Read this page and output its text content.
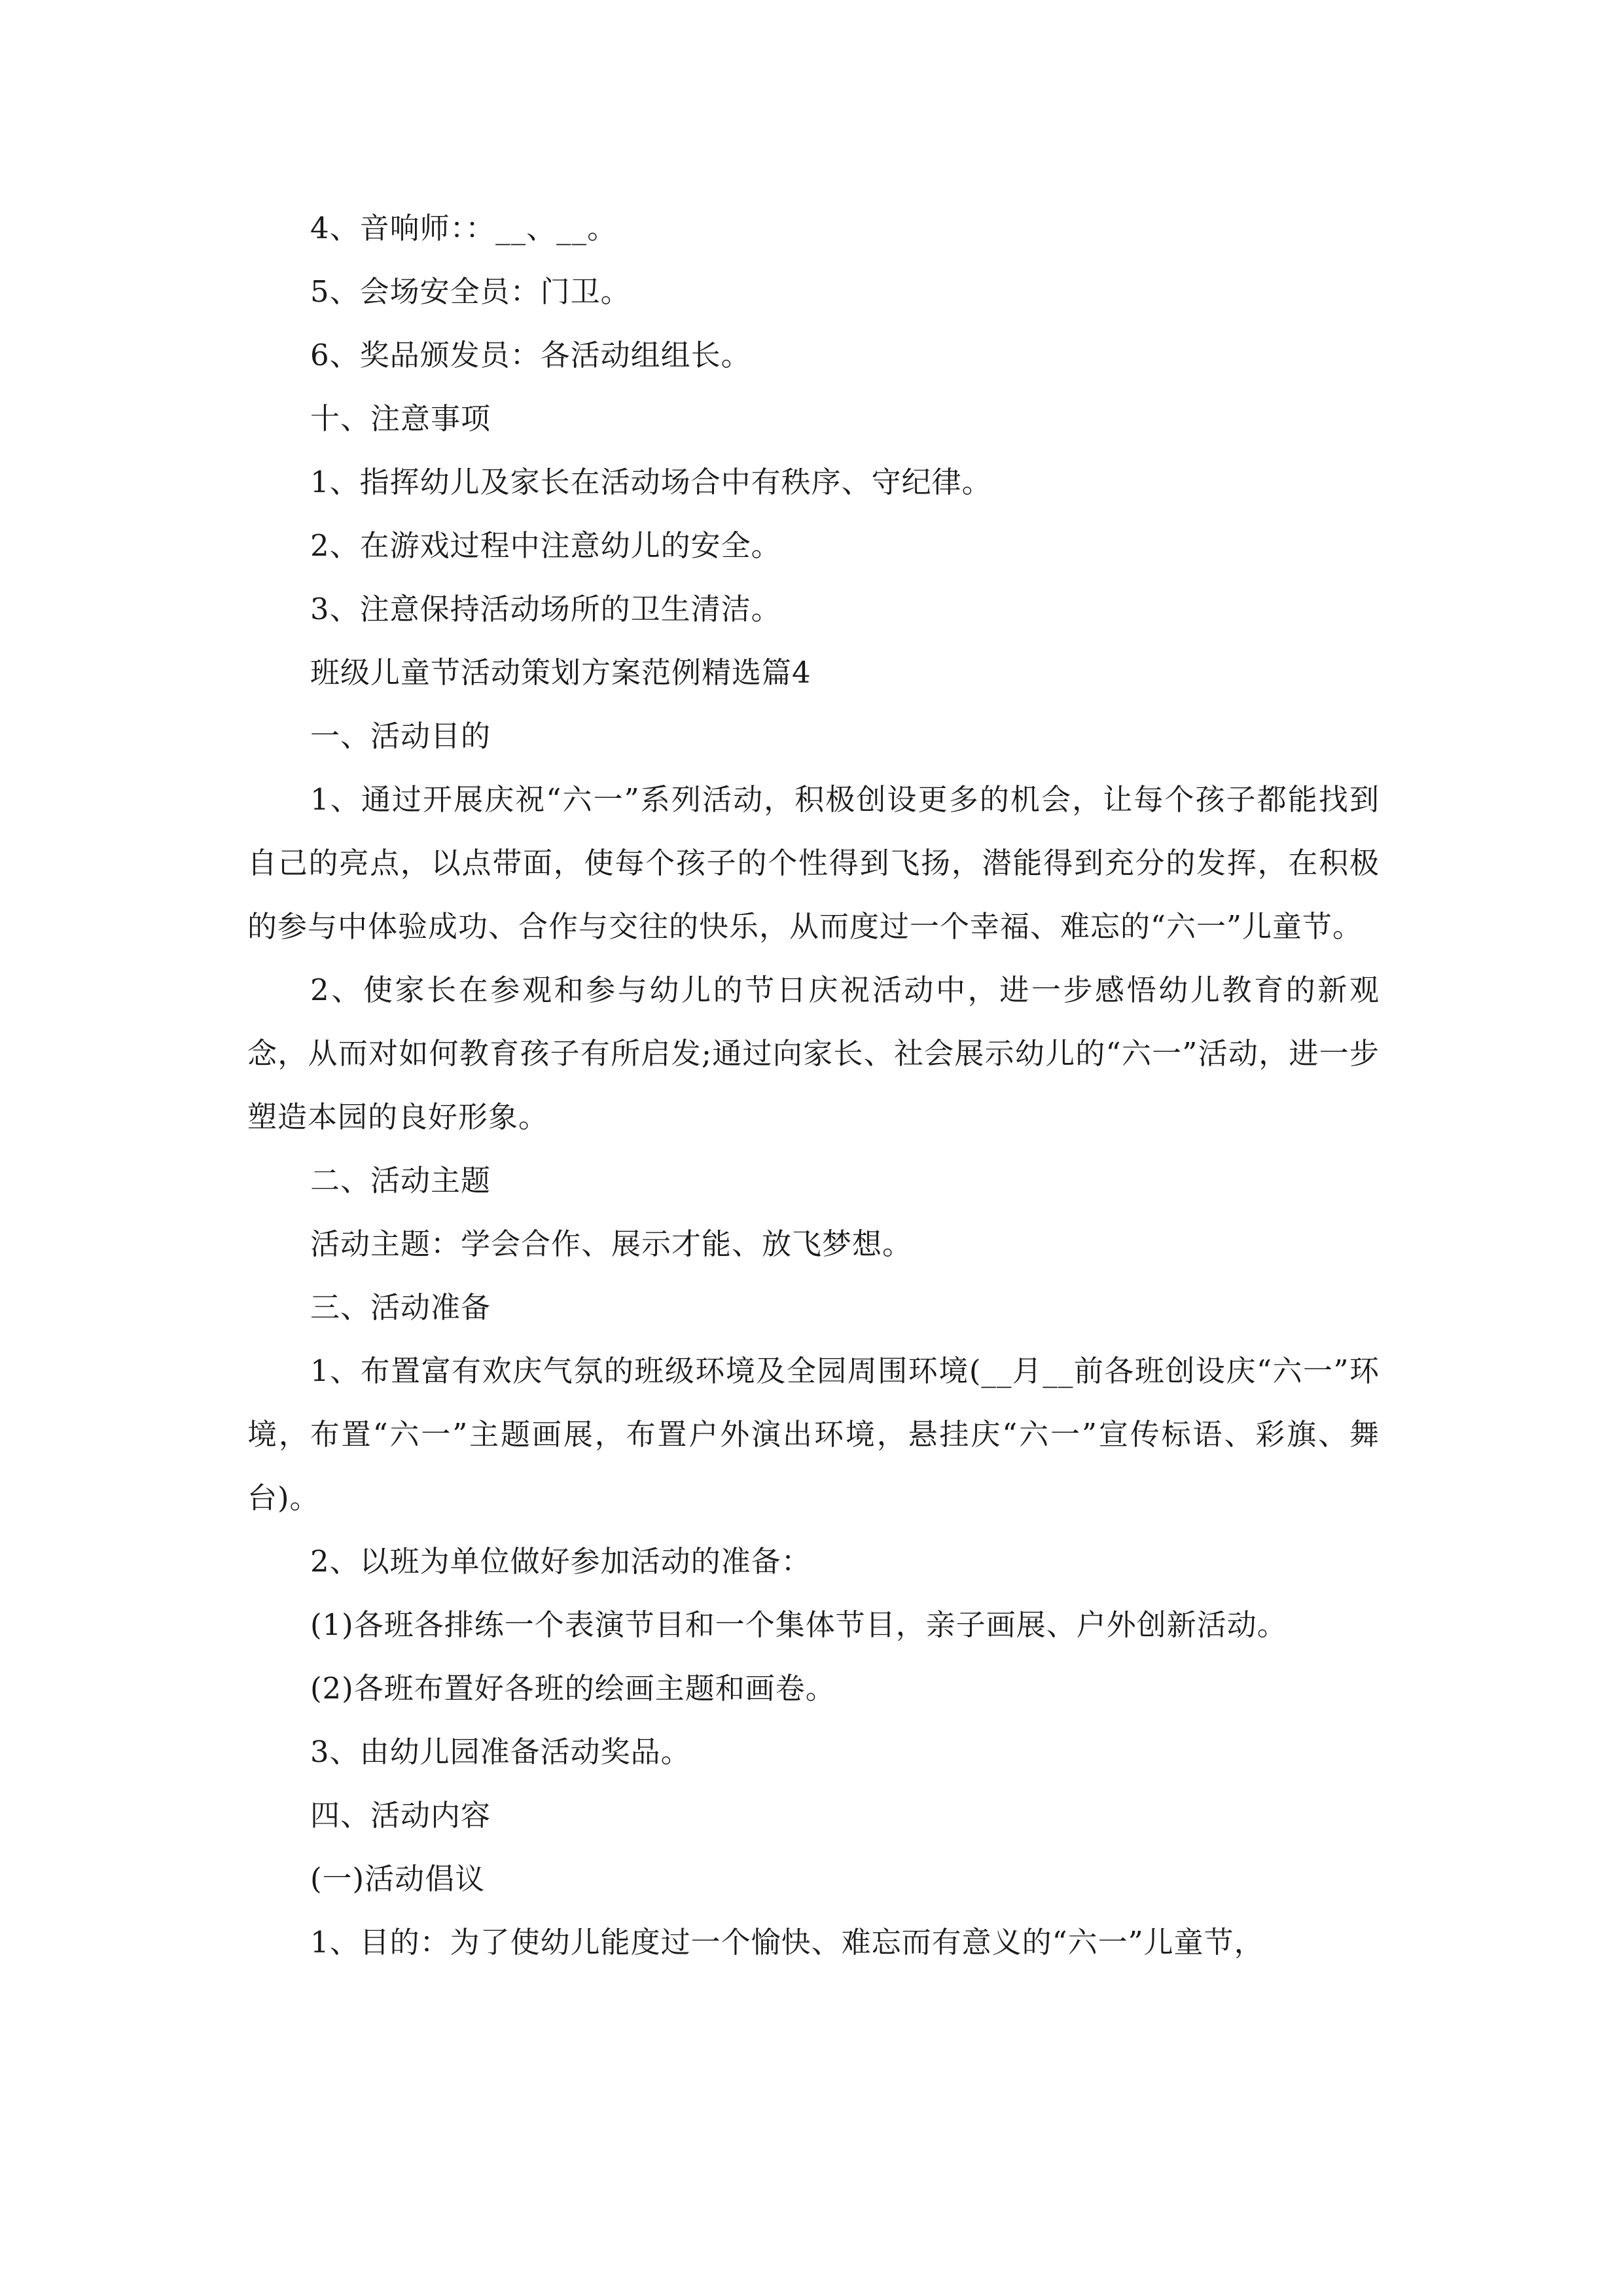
4、音响师：：__、__。

5、会场安全员：门卫。

6、奖品颁发员：各活动组组长。

十、注意事项

1、指挥幼儿及家长在活动场合中有秩序、守纪律。

2、在游戏过程中注意幼儿的安全。

3、注意保持活动场所的卫生清洁。

班级儿童节活动策划方案范例精选篇4

一、活动目的

1、通过开展庆祝“六一”系列活动，积极创设更多的机会，让每个孩子都能找到自己的亮点，以点带面，使每个孩子的个性得到飞扬，潜能得到充分的发挥，在积极的参与中体验成功、合作与交往的快乐，从而度过一个幸福、难忘的“六一”儿童节。

2、使家长在参观和参与幼儿的节日庆祝活动中，进一步感悟幼儿教育的新观念，从而对如何教育孩子有所启发;通过向家长、社会展示幼儿的“六一”活动，进一步塑造本园的良好形象。

二、活动主题

活动主题：学会合作、展示才能、放飞梦想。

三、活动准备

1、布置富有欢庆气氛的班级环境及全园周围环境(__月__前各班创设庆“六一”环境，布置“六一”主题画展，布置户外演出环境，悬挂庆“六一”宣传标语、彩旗、舞台)。

2、以班为单位做好参加活动的准备：

(1)各班各排练一个表演节目和一个集体节目，亲子画展、户外创新活动。

(2)各班布置好各班的绘画主题和画卷。

3、由幼儿园准备活动奖品。

四、活动内容

(一)活动倡议

1、目的：为了使幼儿能度过一个愉快、难忘而有意义的“六一”儿童节，
